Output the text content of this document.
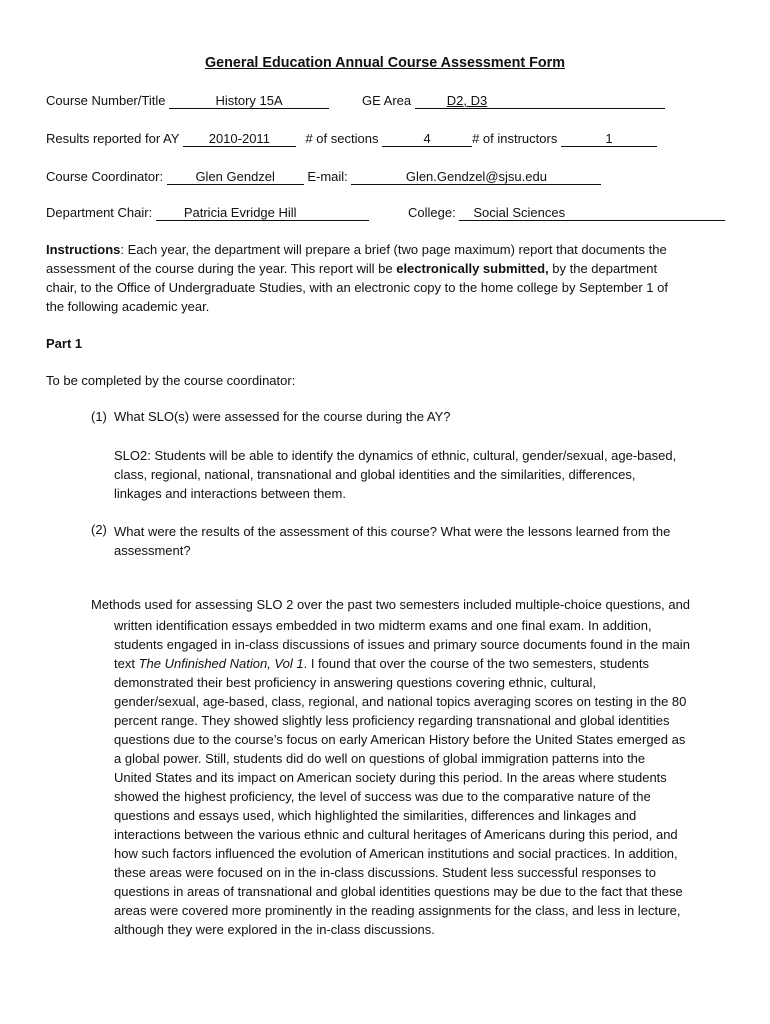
General Education Annual Course Assessment Form
Course Number/Title	History 15A	GE Area	D2, D3
Results reported for AY 2010-2011	# of sections	4	# of instructors	1
Course Coordinator: Glen Gendzel E-mail:	Glen.Gendzel@sjsu.edu
Department Chair: Patricia Evridge Hill	College: Social Sciences
Instructions: Each year, the department will prepare a brief (two page maximum) report that documents the
assessment of the course during the year. This report will be electronically submitted, by the department
chair, to the Office of Undergraduate Studies, with an electronic copy to the home college by September 1 of
the following academic year.
Part 1
To be completed by the course coordinator:
(1) What SLO(s) were assessed for the course during the AY?
SLO2: Students will be able to identify the dynamics of ethnic, cultural, gender/sexual, age-based,
class, regional, national, transnational and global identities and the similarities, differences,
linkages and interactions between them.
(2) What were the results of the assessment of this course? What were the lessons learned from the
assessment?
Methods used for assessing SLO 2 over the past two semesters included multiple-choice questions, and
written identification essays embedded in two midterm exams and one final exam. In addition,
students engaged in in-class discussions of issues and primary source documents found in the main
text The Unfinished Nation, Vol 1. I found that over the course of the two semesters, students
demonstrated their best proficiency in answering questions covering ethnic, cultural,
gender/sexual, age-based, class, regional, and national topics averaging scores on testing in the 80
percent range. They showed slightly less proficiency regarding transnational and global identities
questions due to the course’s focus on early American History before the United States emerged as
a global power. Still, students did do well on questions of global immigration patterns into the
United States and its impact on American society during this period. In the areas where students
showed the highest proficiency, the level of success was due to the comparative nature of the
questions and essays used, which highlighted the similarities, differences and linkages and
interactions between the various ethnic and cultural heritages of Americans during this period, and
how such factors influenced the evolution of American institutions and social practices. In addition,
these areas were focused on in the in-class discussions. Student less successful responses to
questions in areas of transnational and global identities questions may be due to the fact that these
areas were covered more prominently in the reading assignments for the class, and less in lecture,
although they were explored in the in-class discussions.
